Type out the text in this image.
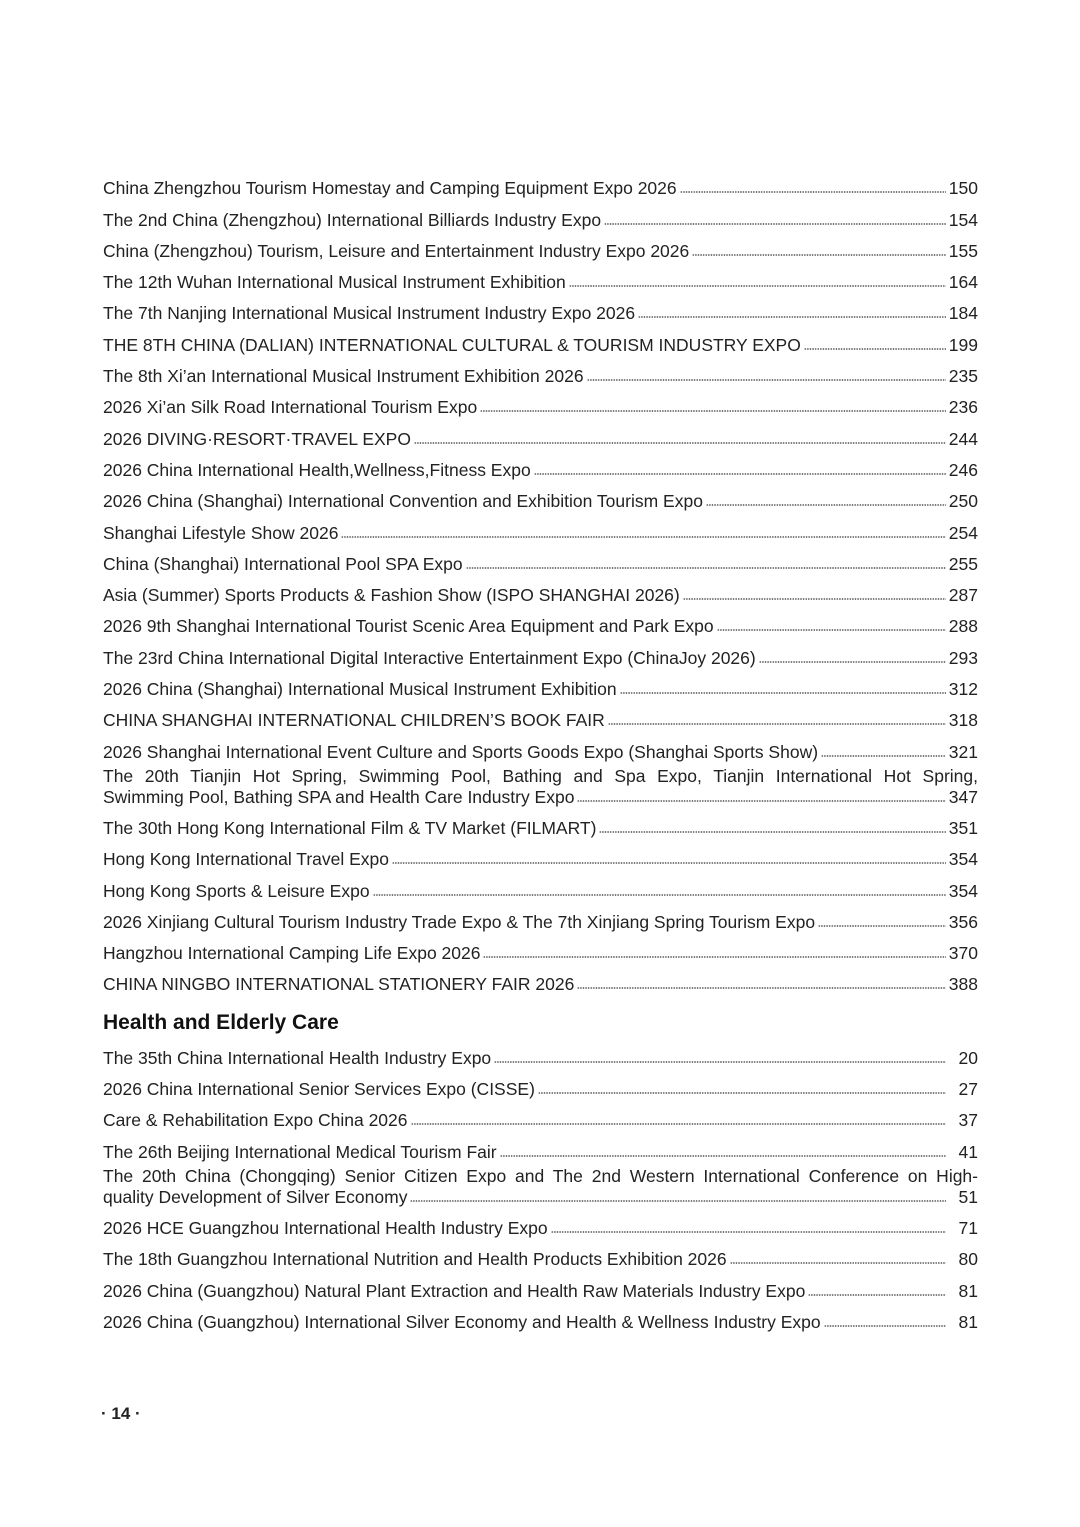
China Zhengzhou Tourism Homestay and Camping Equipment Expo 2026	150
The 2nd China (Zhengzhou) International Billiards Industry Expo	154
China (Zhengzhou) Tourism, Leisure and Entertainment Industry Expo 2026	155
The 12th Wuhan International Musical Instrument Exhibition	164
The 7th Nanjing International Musical Instrument Industry Expo 2026	184
THE 8TH CHINA (DALIAN) INTERNATIONAL CULTURAL & TOURISM INDUSTRY EXPO	199
The 8th Xi’an International Musical Instrument Exhibition 2026	235
2026 Xi’an Silk Road International Tourism Expo	236
2026 DIVING·RESORT·TRAVEL EXPO	244
2026 China International Health,Wellness,Fitness Expo	246
2026 China (Shanghai) International Convention and Exhibition Tourism Expo	250
Shanghai Lifestyle Show 2026	254
China (Shanghai) International Pool SPA Expo	255
Asia (Summer) Sports Products & Fashion Show (ISPO SHANGHAI 2026)	287
2026 9th Shanghai International Tourist Scenic Area Equipment and Park Expo	288
The 23rd China International Digital Interactive Entertainment Expo (ChinaJoy 2026)	293
2026 China (Shanghai) International Musical Instrument Exhibition	312
CHINA SHANGHAI INTERNATIONAL CHILDREN’S BOOK FAIR	318
2026 Shanghai International Event Culture and Sports Goods Expo (Shanghai Sports Show)	321
The 20th Tianjin Hot Spring, Swimming Pool, Bathing and Spa Expo, Tianjin International Hot Spring,
Swimming Pool, Bathing SPA and Health Care Industry Expo	347
The 30th Hong Kong International Film & TV Market (FILMART)	351
Hong Kong International Travel Expo	354
Hong Kong Sports & Leisure Expo	354
2026 Xinjiang Cultural Tourism Industry Trade Expo & The 7th Xinjiang Spring Tourism Expo	356
Hangzhou International Camping Life Expo 2026	370
CHINA NINGBO INTERNATIONAL STATIONERY FAIR 2026	388
Health and Elderly Care
The 35th China International Health Industry Expo	20
2026 China International Senior Services Expo (CISSE)	27
Care & Rehabilitation Expo China 2026	37
The 26th Beijing International Medical Tourism Fair	41
The 20th China (Chongqing) Senior Citizen Expo and The 2nd Western International Conference on High-
quality Development of Silver Economy	51
2026 HCE Guangzhou International Health Industry Expo	71
The 18th Guangzhou International Nutrition and Health Products Exhibition 2026	80
2026 China (Guangzhou) Natural Plant Extraction and Health Raw Materials Industry Expo	81
2026 China (Guangzhou) International Silver Economy and Health & Wellness Industry Expo	81
· 14 ·
